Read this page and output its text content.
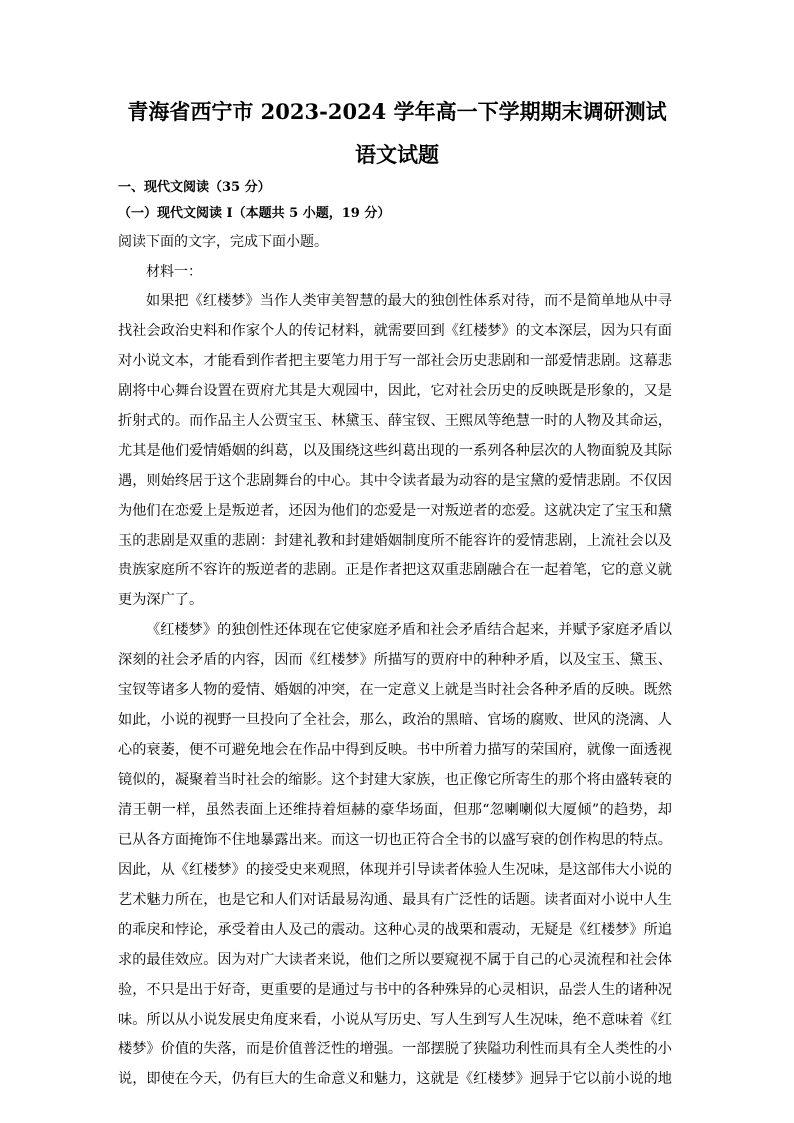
青海省西宁市 2023-2024 学年高一下学期期末调研测试
语文试题
一、现代文阅读（35 分）
（一）现代文阅读 I（本题共 5 小题，19 分）
阅读下面的文字，完成下面小题。
材料一：
如果把《红楼梦》当作人类审美智慧的最大的独创性体系对待，而不是简单地从中寻
找社会政治史料和作家个人的传记材料，就需要回到《红楼梦》的文本深层，因为只有面
对小说文本，才能看到作者把主要笔力用于写一部社会历史悲剧和一部爱情悲剧。这幕悲
剧将中心舞台设置在贾府尤其是大观园中，因此，它对社会历史的反映既是形象的，又是
折射式的。而作品主人公贾宝玉、林黛玉、薛宝钗、王熙凤等绝慧一时的人物及其命运，
尤其是他们爱情婚姻的纠葛，以及围绕这些纠葛出现的一系列各种层次的人物面貌及其际
遇，则始终居于这个悲剧舞台的中心。其中令读者最为动容的是宝黛的爱情悲剧。不仅因
为他们在恋爱上是叛逆者，还因为他们的恋爱是一对叛逆者的恋爱。这就决定了宝玉和黛
玉的悲剧是双重的悲剧：封建礼教和封建婚姻制度所不能容许的爱情悲剧，上流社会以及
贵族家庭所不容许的叛逆者的悲剧。正是作者把这双重悲剧融合在一起着笔，它的意义就
更为深广了。
《红楼梦》的独创性还体现在它使家庭矛盾和社会矛盾结合起来，并赋予家庭矛盾以
深刻的社会矛盾的内容，因而《红楼梦》所描写的贾府中的种种矛盾，以及宝玉、黛玉、
宝钗等诸多人物的爱情、婚姻的冲突，在一定意义上就是当时社会各种矛盾的反映。既然
如此，小说的视野一旦投向了全社会，那么，政治的黑暗、官场的腐败、世风的浇漓、人
心的衰萎，便不可避免地会在作品中得到反映。书中所着力描写的荣国府，就像一面透视
镜似的，凝聚着当时社会的缩影。这个封建大家族，也正像它所寄生的那个将由盛转衰的
清王朝一样，虽然表面上还维持着烜赫的豪华场面，但那“忽喇喇似大厦倾”的趋势，却
已从各方面掩饰不住地暴露出来。而这一切也正符合全书的以盛写衰的创作构思的特点。
因此，从《红楼梦》的接受史来观照，体现并引导读者体验人生况味，是这部伟大小说的
艺术魅力所在，也是它和人们对话最易沟通、最具有广泛性的话题。读者面对小说中人生
的乖戾和悖论，承受着由人及己的震动。这种心灵的战栗和震动，无疑是《红楼梦》所追
求的最佳效应。因为对广大读者来说，他们之所以要窥视不属于自己的心灵流程和社会体
验，不只是出于好奇，更重要的是通过与书中的各种殊异的心灵相识，品尝人生的诸种况
味。所以从小说发展史角度来看，小说从写历史、写人生到写人生况味，绝不意味着《红
楼梦》价值的失落，而是价值普泛性的增强。一部摆脱了狭隘功利性而具有全人类性的小
说，即使在今天，仍有巨大的生命意义和魅力，这就是《红楼梦》迥异于它以前小说的地
